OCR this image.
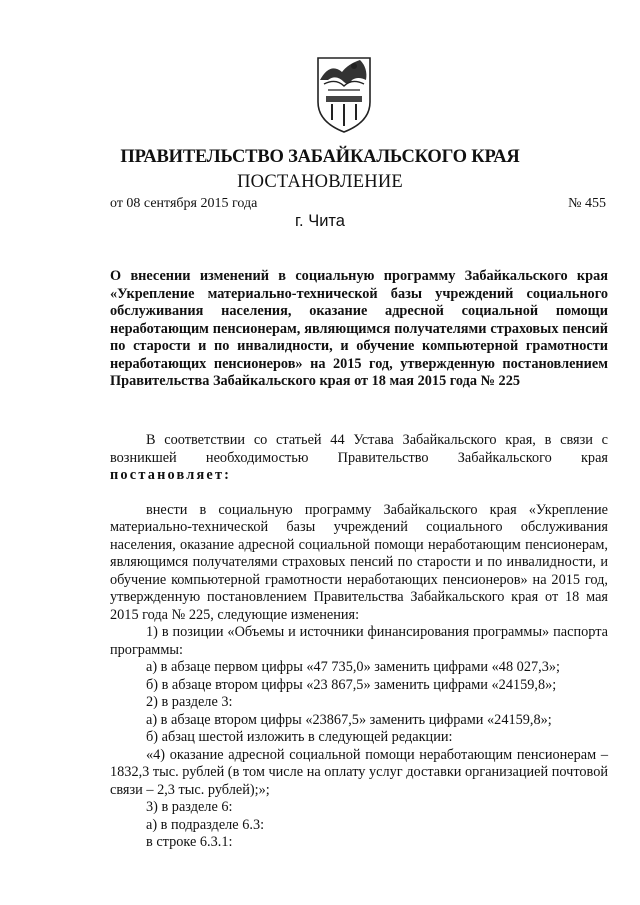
ПРАВИТЕЛЬСТВО ЗАБАЙКАЛЬСКОГО КРАЯ
ПОСТАНОВЛЕНИЕ
от 08 сентября 2015 года	№ 455
г. Чита
О внесении изменений в социальную программу Забайкальского края «Укрепление материально-технической базы учреждений социального обслуживания населения, оказание адресной социальной помощи неработающим пенсионерам, являющимся получателями страховых пенсий по старости и по инвалидности, и обучение компьютерной грамотности неработающих пенсионеров» на 2015 год, утвержденную постановлением Правительства Забайкальского края от 18 мая 2015 года № 225

В соответствии со статьей 44 Устава Забайкальского края, в связи с возникшей необходимостью Правительство Забайкальского края постановляет:

внести в социальную программу Забайкальского края «Укрепление материально-технической базы учреждений социального обслуживания населения, оказание адресной социальной помощи неработающим пенсионерам, являющимся получателями страховых пенсий по старости и по инвалидности, и обучение компьютерной грамотности неработающих пенсионеров» на 2015 год, утвержденную постановлением Правительства Забайкальского края от 18 мая 2015 года № 225, следующие изменения:

1) в позиции «Объемы и источники финансирования программы» паспорта программы:

а) в абзаце первом цифры «47 735,0» заменить цифрами «48 027,3»;

б) в абзаце втором цифры «23 867,5» заменить цифрами «24159,8»;

2) в разделе 3:

а) в абзаце втором цифры «23867,5» заменить цифрами «24159,8»;

б) абзац шестой изложить в следующей редакции:

«4) оказание адресной социальной помощи неработающим пенсионерам – 1832,3 тыс. рублей (в том числе на оплату услуг доставки организацией почтовой связи – 2,3 тыс. рублей);»;

3) в разделе 6:

а) в подразделе 6.3:

в строке 6.3.1:
